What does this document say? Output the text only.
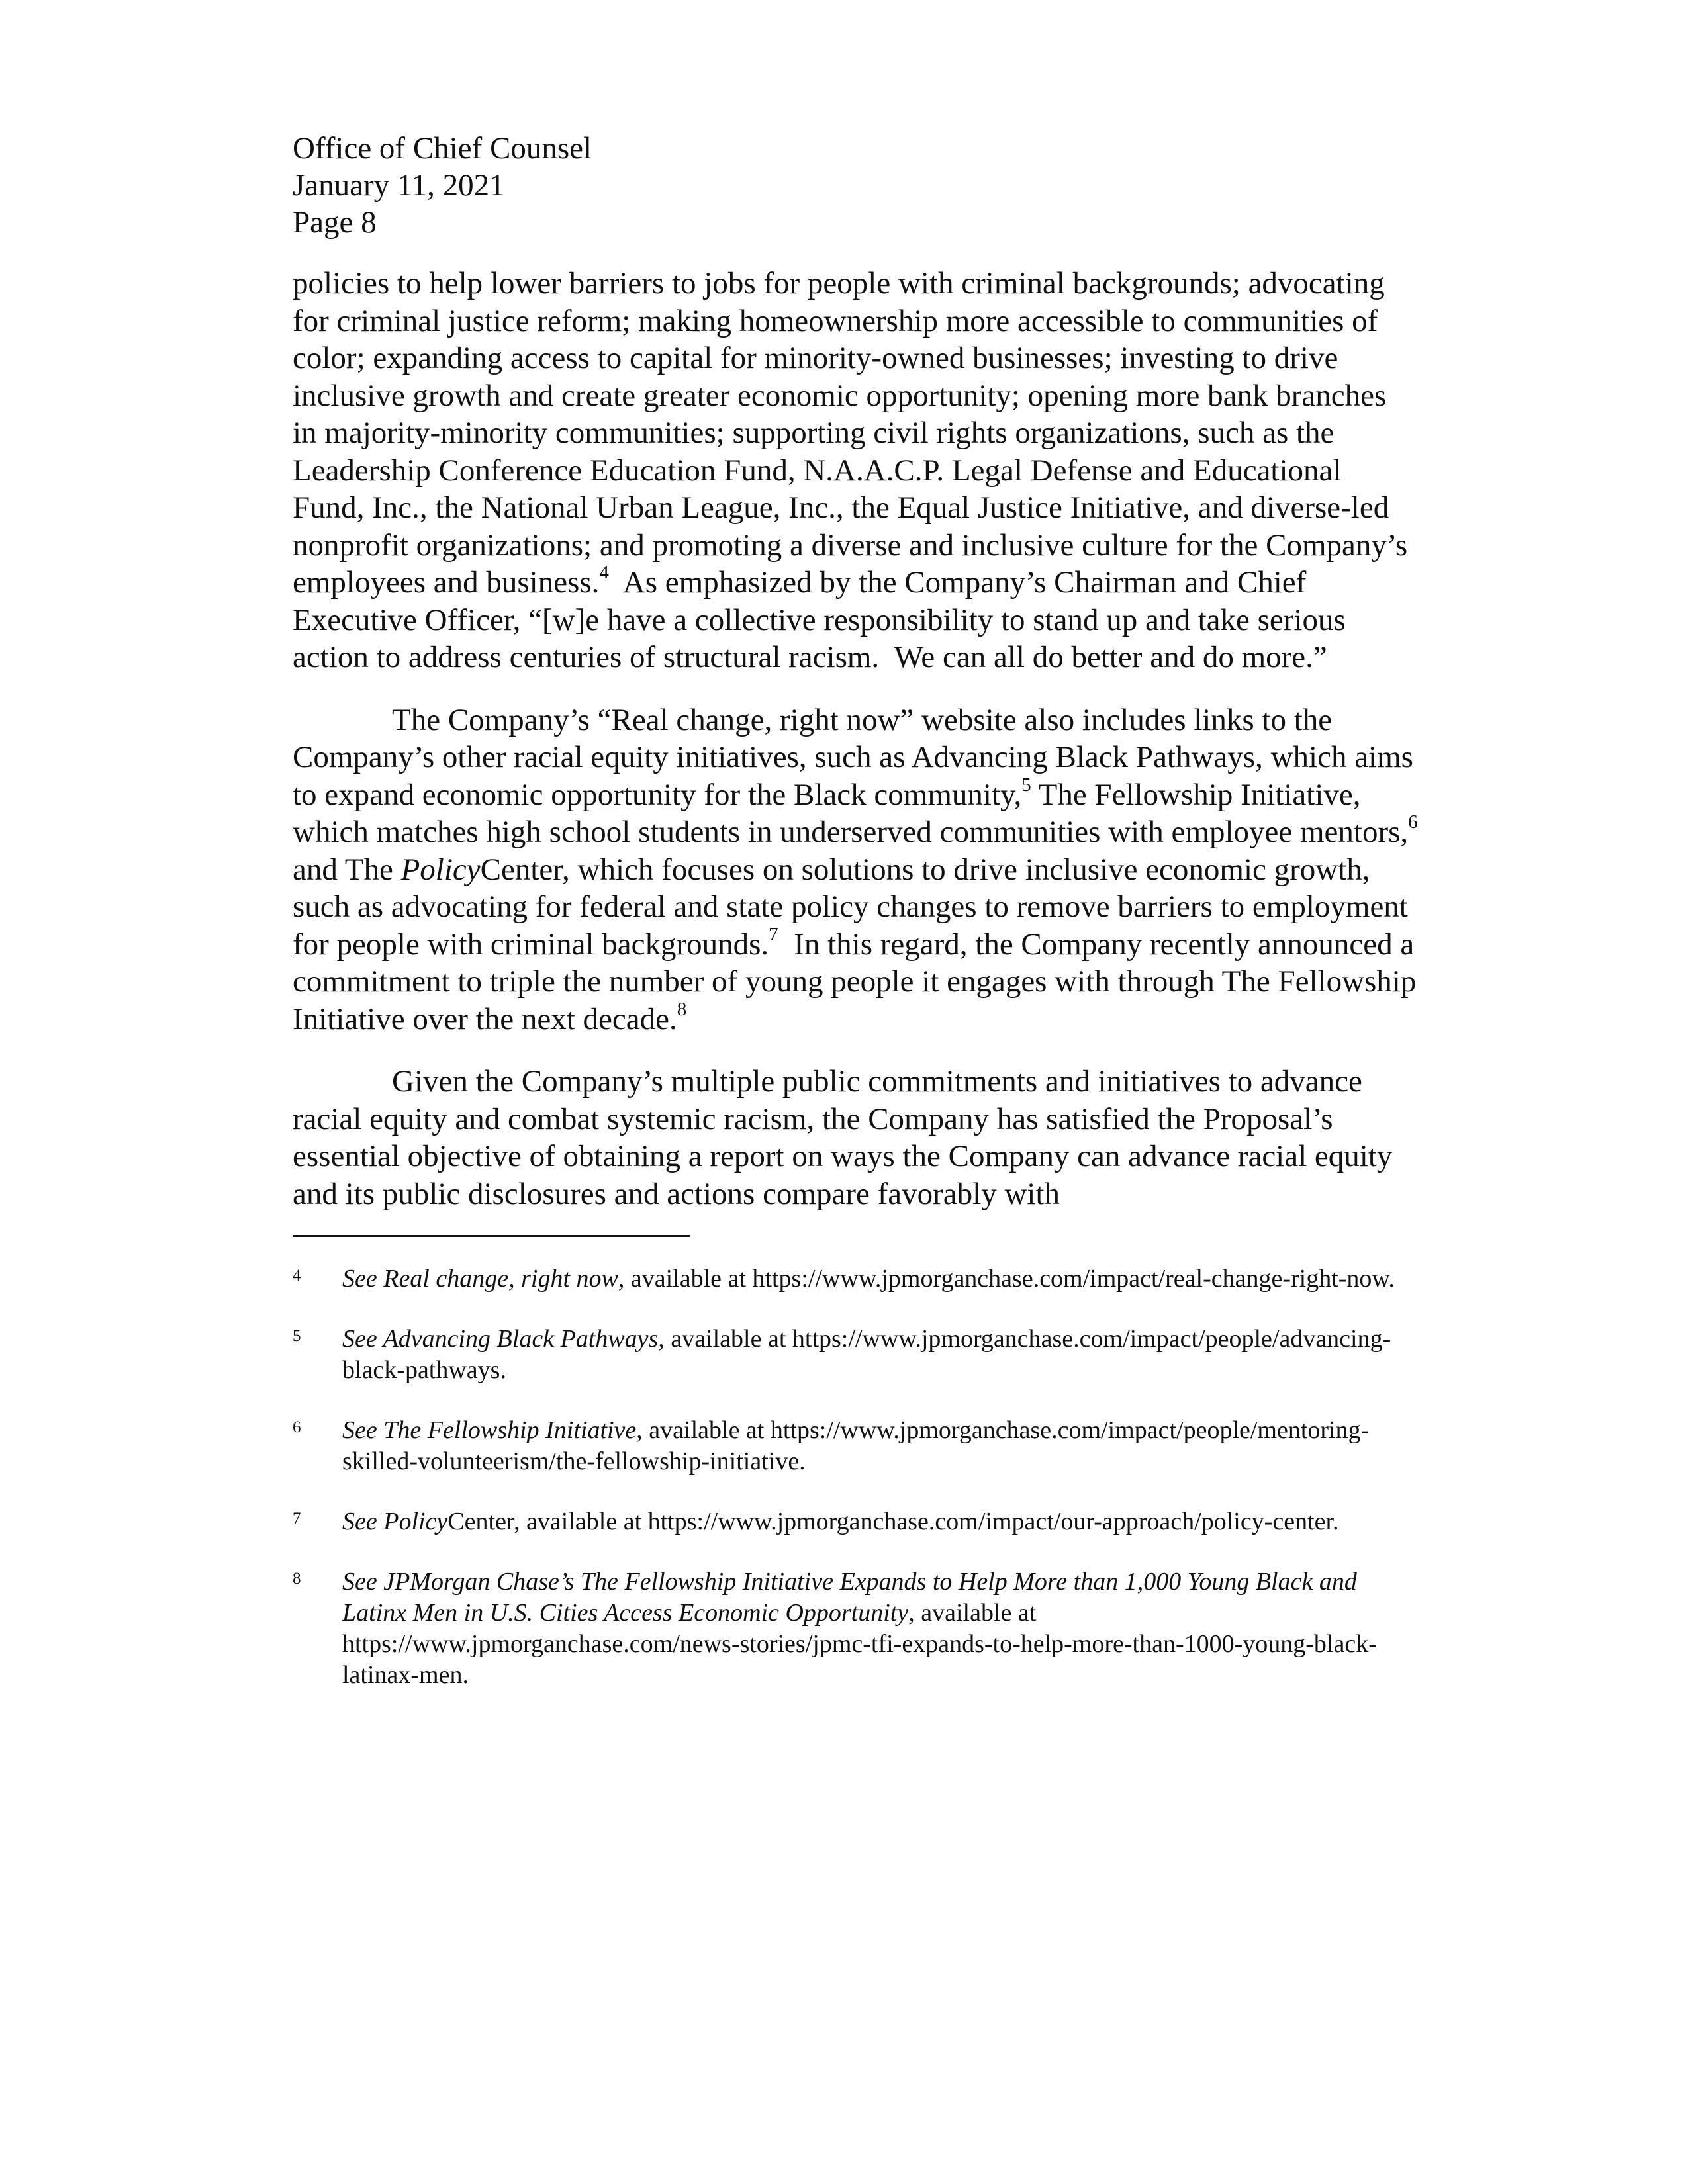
Office of Chief Counsel

January 11, 2021

Page 8

policies to help lower barriers to jobs for people with criminal backgrounds; advocating for criminal justice reform; making homeownership more accessible to communities of color; expanding access to capital for minority-owned businesses; investing to drive inclusive growth and create greater economic opportunity; opening more bank branches in majority-minority communities; supporting civil rights organizations, such as the Leadership Conference Education Fund, N.A.A.C.P. Legal Defense and Educational Fund, Inc., the National Urban League, Inc., the Equal Justice Initiative, and diverse-led nonprofit organizations; and promoting a diverse and inclusive culture for the Company’s employees and business.$^4$  As emphasized by the Company’s Chairman and Chief Executive Officer, “[w]e have a collective responsibility to stand up and take serious action to address centuries of structural racism.  We can all do better and do more.”

The Company’s “Real change, right now” website also includes links to the Company’s other racial equity initiatives, such as Advancing Black Pathways, which aims to expand economic opportunity for the Black community,$^5$ The Fellowship Initiative, which matches high school students in underserved communities with employee mentors,$^6$ and The PolicyCenter, which focuses on solutions to drive inclusive economic growth, such as advocating for federal and state policy changes to remove barriers to employment for people with criminal backgrounds.$^7$  In this regard, the Company recently announced a commitment to triple the number of young people it engages with through The Fellowship Initiative over the next decade.$^8$

Given the Company’s multiple public commitments and initiatives to advance racial equity and combat systemic racism, the Company has satisfied the Proposal’s essential objective of obtaining a report on ways the Company can advance racial equity and its public disclosures and actions compare favorably with

4	See Real change, right now, available at https://www.jpmorganchase.com/impact/real-change-right-now.
5	See Advancing Black Pathways, available at https://www.jpmorganchase.com/impact/people/advancing-black-pathways.
6	See The Fellowship Initiative, available at https://www.jpmorganchase.com/impact/people/mentoring-skilled-volunteerism/the-fellowship-initiative.
7	See PolicyCenter, available at https://www.jpmorganchase.com/impact/our-approach/policy-center.
8	See JPMorgan Chase’s The Fellowship Initiative Expands to Help More than 1,000 Young Black and Latinx Men in U.S. Cities Access Economic Opportunity, available at https://www.jpmorganchase.com/news-stories/jpmc-tfi-expands-to-help-more-than-1000-young-black-latinax-men.
